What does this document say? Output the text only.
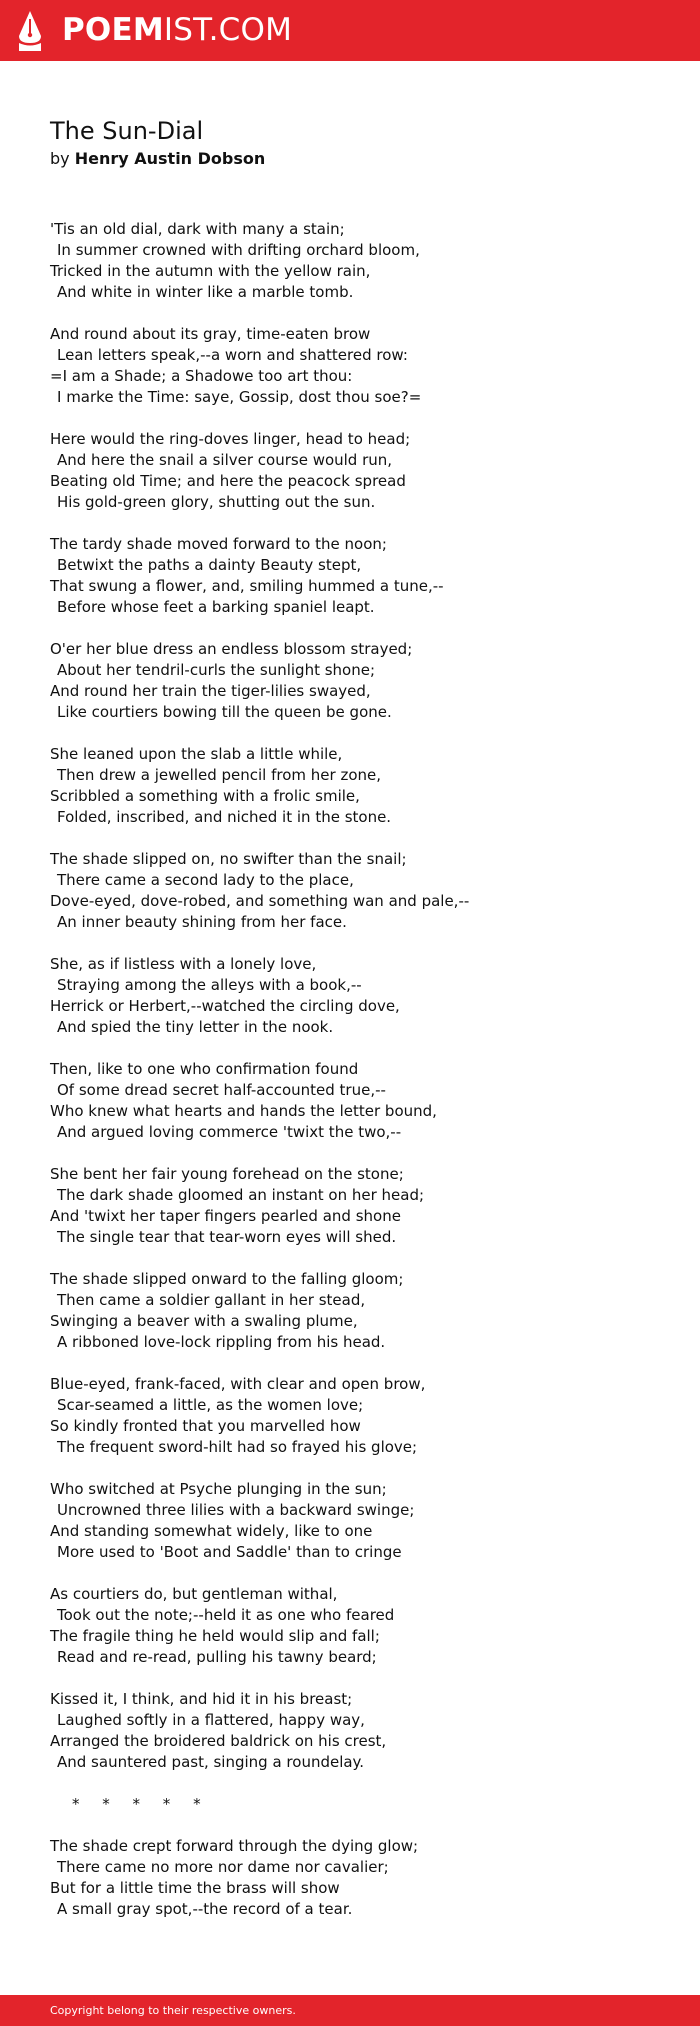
POEMIST.COM
The Sun-Dial
by Henry Austin Dobson
'Tis an old dial, dark with many a stain;
In summer crowned with drifting orchard bloom,
Tricked in the autumn with the yellow rain,
And white in winter like a marble tomb.
And round about its gray, time-eaten brow
Lean letters speak,--a worn and shattered row:
=I am a Shade; a Shadowe too art thou:
I marke the Time: saye, Gossip, dost thou soe?=
Here would the ring-doves linger, head to head;
And here the snail a silver course would run,
Beating old Time; and here the peacock spread
His gold-green glory, shutting out the sun.
The tardy shade moved forward to the noon;
Betwixt the paths a dainty Beauty stept,
That swung a flower, and, smiling hummed a tune,--
Before whose feet a barking spaniel leapt.
O'er her blue dress an endless blossom strayed;
About her tendril-curls the sunlight shone;
And round her train the tiger-lilies swayed,
Like courtiers bowing till the queen be gone.
She leaned upon the slab a little while,
Then drew a jewelled pencil from her zone,
Scribbled a something with a frolic smile,
Folded, inscribed, and niched it in the stone.
The shade slipped on, no swifter than the snail;
There came a second lady to the place,
Dove-eyed, dove-robed, and something wan and pale,--
An inner beauty shining from her face.
She, as if listless with a lonely love,
Straying among the alleys with a book,--
Herrick or Herbert,--watched the circling dove,
And spied the tiny letter in the nook.
Then, like to one who confirmation found
Of some dread secret half-accounted true,--
Who knew what hearts and hands the letter bound,
And argued loving commerce 'twixt the two,--
She bent her fair young forehead on the stone;
The dark shade gloomed an instant on her head;
And 'twixt her taper fingers pearled and shone
The single tear that tear-worn eyes will shed.
The shade slipped onward to the falling gloom;
Then came a soldier gallant in her stead,
Swinging a beaver with a swaling plume,
A ribboned love-lock rippling from his head.
Blue-eyed, frank-faced, with clear and open brow,
Scar-seamed a little, as the women love;
So kindly fronted that you marvelled how
The frequent sword-hilt had so frayed his glove;
Who switched at Psyche plunging in the sun;
Uncrowned three lilies with a backward swinge;
And standing somewhat widely, like to one
More used to 'Boot and Saddle' than to cringe
As courtiers do, but gentleman withal,
Took out the note;--held it as one who feared
The fragile thing he held would slip and fall;
Read and re-read, pulling his tawny beard;
Kissed it, I think, and hid it in his breast;
Laughed softly in a flattered, happy way,
Arranged the broidered baldrick on his crest,
And sauntered past, singing a roundelay.
* * * * *
The shade crept forward through the dying glow;
There came no more nor dame nor cavalier;
But for a little time the brass will show
A small gray spot,--the record of a tear.
Copyright belong to their respective owners.
